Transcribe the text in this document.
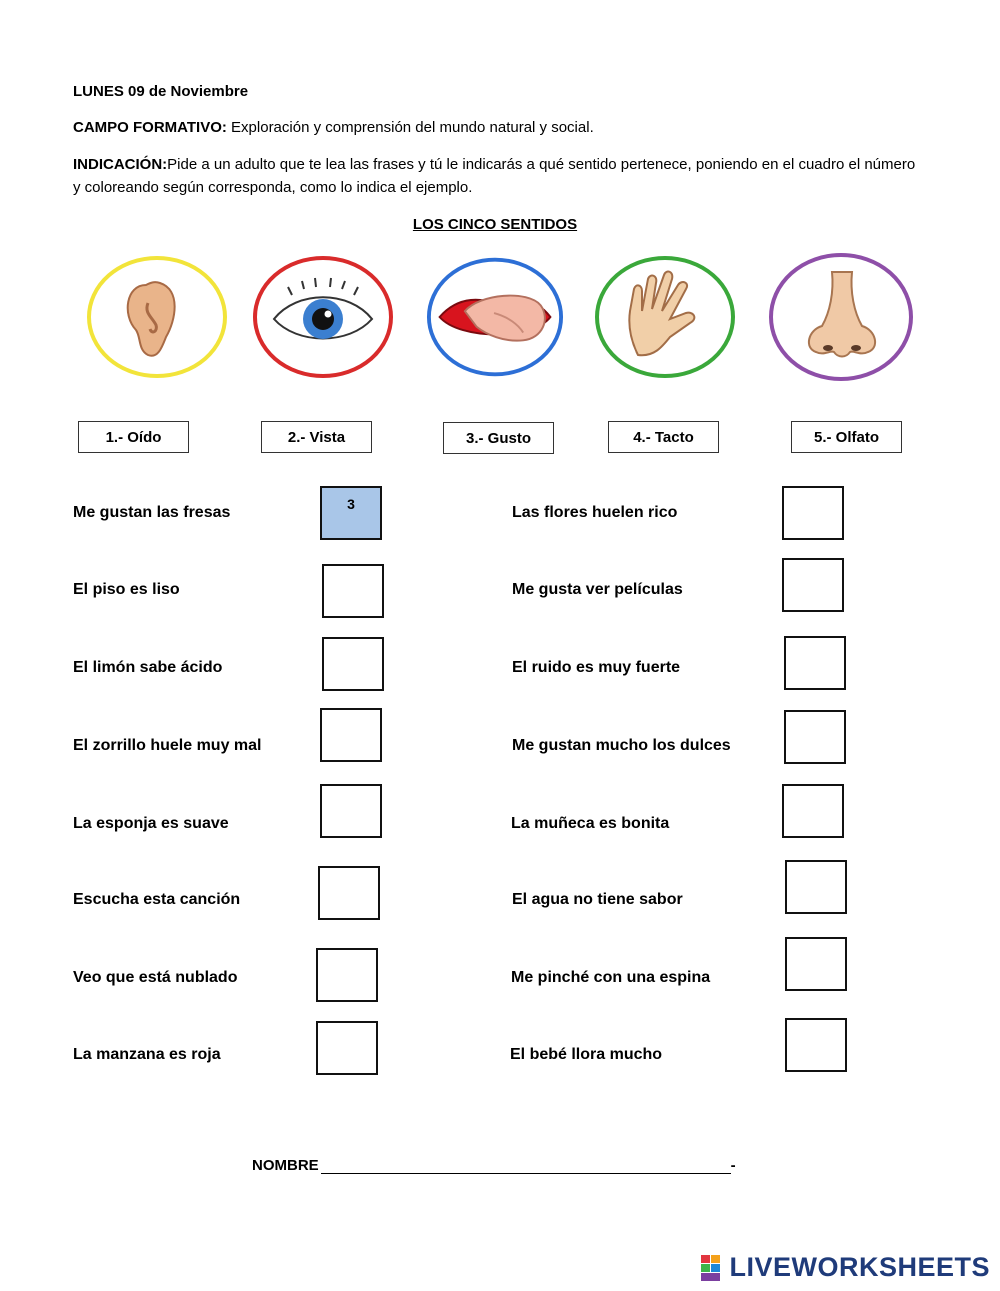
LUNES 09 de Noviembre
CAMPO FORMATIVO: Exploración y comprensión del mundo natural y social.
INDICACIÓN:Pide a un adulto que te lea las frases y tú le indicarás a qué sentido pertenece, poniendo en el cuadro el número y coloreando según corresponda, como lo indica el ejemplo.
LOS CINCO SENTIDOS
1.- Oído	2.- Vista	3.- Gusto	4.- Tacto	5.- Olfato
Me gustan las fresas	3
El piso es liso
El limón sabe ácido
El zorrillo huele muy mal
La esponja es suave
Escucha esta canción
Veo que está nublado
La manzana es roja
Las flores huelen rico
Me gusta ver películas
El ruido es muy fuerte
Me gustan mucho los dulces
La muñeca es bonita
El agua no tiene sabor
Me pinché con una espina
El bebé llora mucho
NOMBRE	-
LIVEWORKSHEETS
